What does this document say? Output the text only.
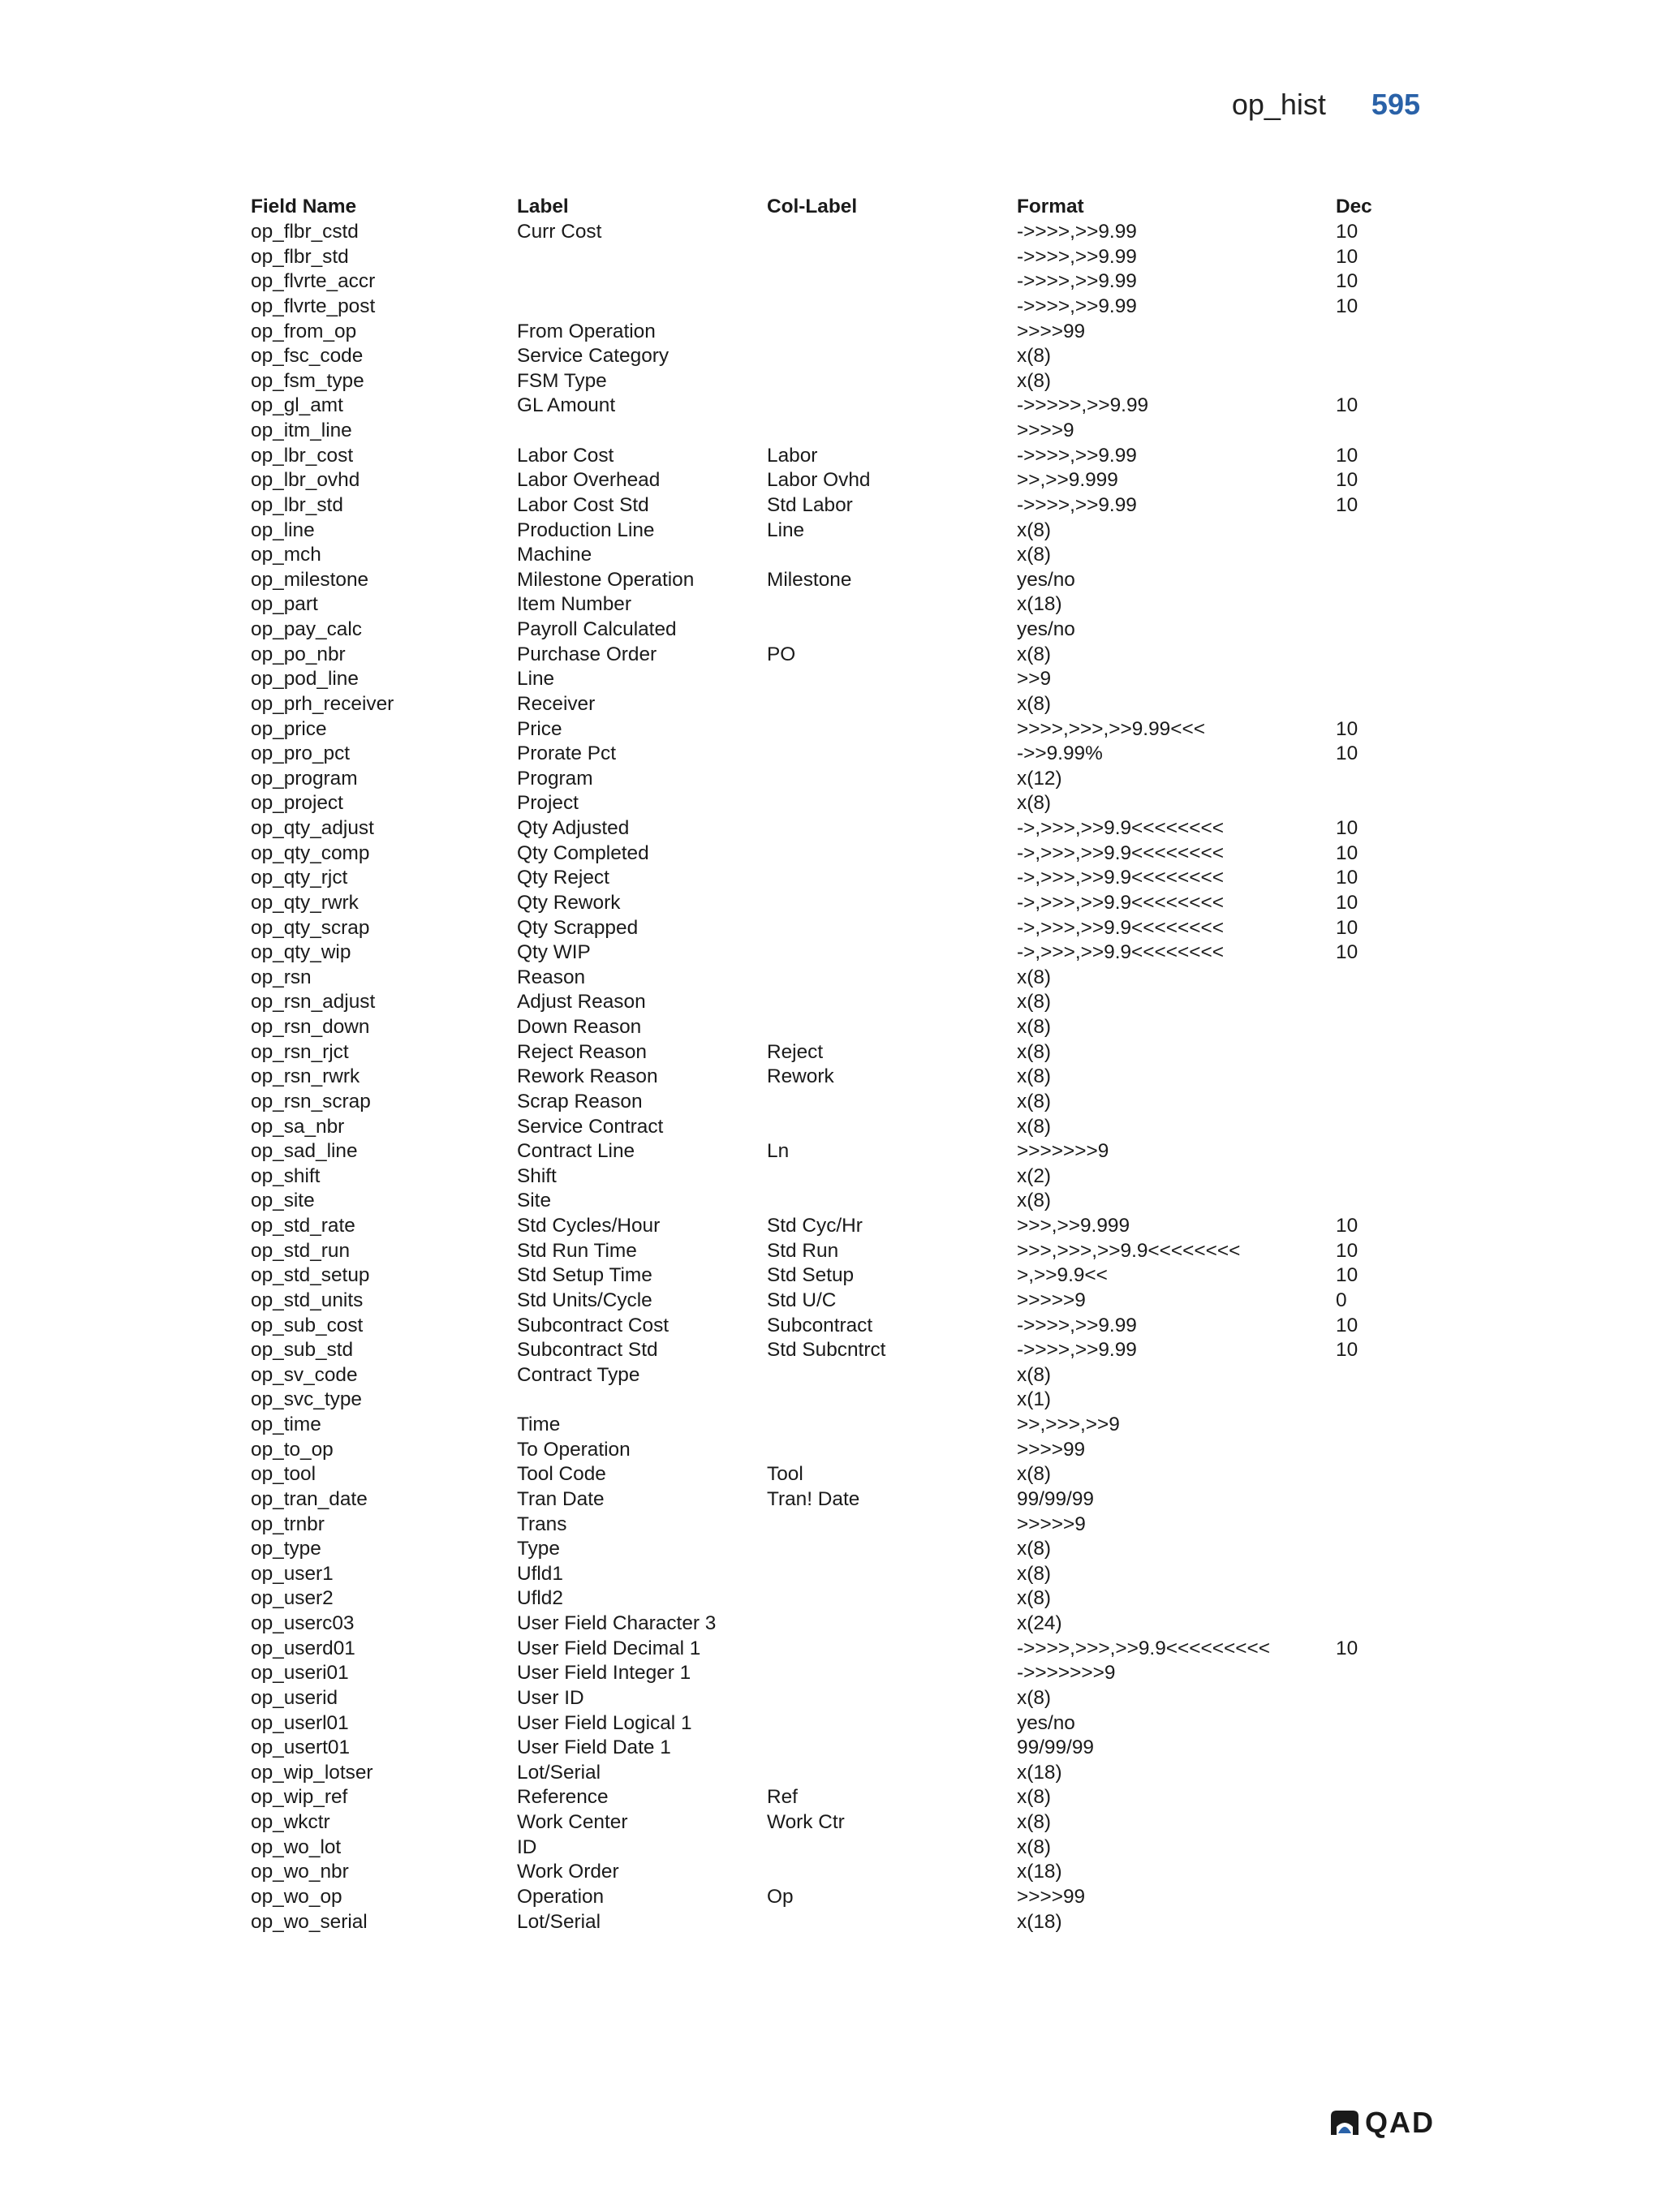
op_hist 595
Field Name	Label	Col-Label	Format	Dec
op_flbr_cstd	Curr Cost		->>>>,>>9.99	10
op_flbr_std			->>>>,>>9.99	10
op_flvrte_accr			->>>>,>>9.99	10
op_flvrte_post			->>>>,>>9.99	10
op_from_op	From Operation		>>>>99	
op_fsc_code	Service Category		x(8)	
op_fsm_type	FSM Type		x(8)	
op_gl_amt	GL Amount		->>>>>,>>9.99	10
op_itm_line			>>>>9	
op_lbr_cost	Labor Cost	Labor	->>>>,>>9.99	10
op_lbr_ovhd	Labor Overhead	Labor Ovhd	>>,>>9.999	10
op_lbr_std	Labor Cost Std	Std Labor	->>>>,>>9.99	10
op_line	Production Line	Line	x(8)	
op_mch	Machine		x(8)	
op_milestone	Milestone Operation	Milestone	yes/no	
op_part	Item Number		x(18)	
op_pay_calc	Payroll Calculated		yes/no	
op_po_nbr	Purchase Order	PO	x(8)	
op_pod_line	Line		>>9	
op_prh_receiver	Receiver		x(8)	
op_price	Price		>>>>,>>>,>>9.99<<<	10
op_pro_pct	Prorate Pct		->>9.99%	10
op_program	Program		x(12)	
op_project	Project		x(8)	
op_qty_adjust	Qty Adjusted		->,>>>,>>9.9<<<<<<<<	10
op_qty_comp	Qty Completed		->,>>>,>>9.9<<<<<<<<	10
op_qty_rjct	Qty Reject		->,>>>,>>9.9<<<<<<<<	10
op_qty_rwrk	Qty Rework		->,>>>,>>9.9<<<<<<<<	10
op_qty_scrap	Qty Scrapped		->,>>>,>>9.9<<<<<<<<	10
op_qty_wip	Qty WIP		->,>>>,>>9.9<<<<<<<<	10
op_rsn	Reason		x(8)	
op_rsn_adjust	Adjust Reason		x(8)	
op_rsn_down	Down Reason		x(8)	
op_rsn_rjct	Reject Reason	Reject	x(8)	
op_rsn_rwrk	Rework Reason	Rework	x(8)	
op_rsn_scrap	Scrap Reason		x(8)	
op_sa_nbr	Service Contract		x(8)	
op_sad_line	Contract Line	Ln	>>>>>>>9	
op_shift	Shift		x(2)	
op_site	Site		x(8)	
op_std_rate	Std Cycles/Hour	Std Cyc/Hr	>>>,>>9.999	10
op_std_run	Std Run Time	Std Run	>>>,>>>,>>9.9<<<<<<<<	10
op_std_setup	Std Setup Time	Std Setup	>,>>9.9<<	10
op_std_units	Std Units/Cycle	Std U/C	>>>>>9	0
op_sub_cost	Subcontract Cost	Subcontract	->>>>,>>9.99	10
op_sub_std	Subcontract Std	Std Subcntrct	->>>>,>>9.99	10
op_sv_code	Contract Type		x(8)	
op_svc_type			x(1)	
op_time	Time		>>,>>>,>>9	
op_to_op	To Operation		>>>>99	
op_tool	Tool Code	Tool	x(8)	
op_tran_date	Tran Date	Tran! Date	99/99/99	
op_trnbr	Trans		>>>>>9	
op_type	Type		x(8)	
op_user1	Ufld1		x(8)	
op_user2	Ufld2		x(8)	
op_userc03	User Field Character 3		x(24)	
op_userd01	User Field Decimal 1		->>>>,>>>,>>9.9<<<<<<<<<	10
op_useri01	User Field Integer 1		->>>>>>>9	
op_userid	User ID		x(8)	
op_userl01	User Field Logical 1		yes/no	
op_usert01	User Field Date 1		99/99/99	
op_wip_lotser	Lot/Serial		x(18)	
op_wip_ref	Reference	Ref	x(8)	
op_wkctr	Work Center	Work Ctr	x(8)	
op_wo_lot	ID		x(8)	
op_wo_nbr	Work Order		x(18)	
op_wo_op	Operation	Op	>>>>99	
op_wo_serial	Lot/Serial		x(18)	
QAD
